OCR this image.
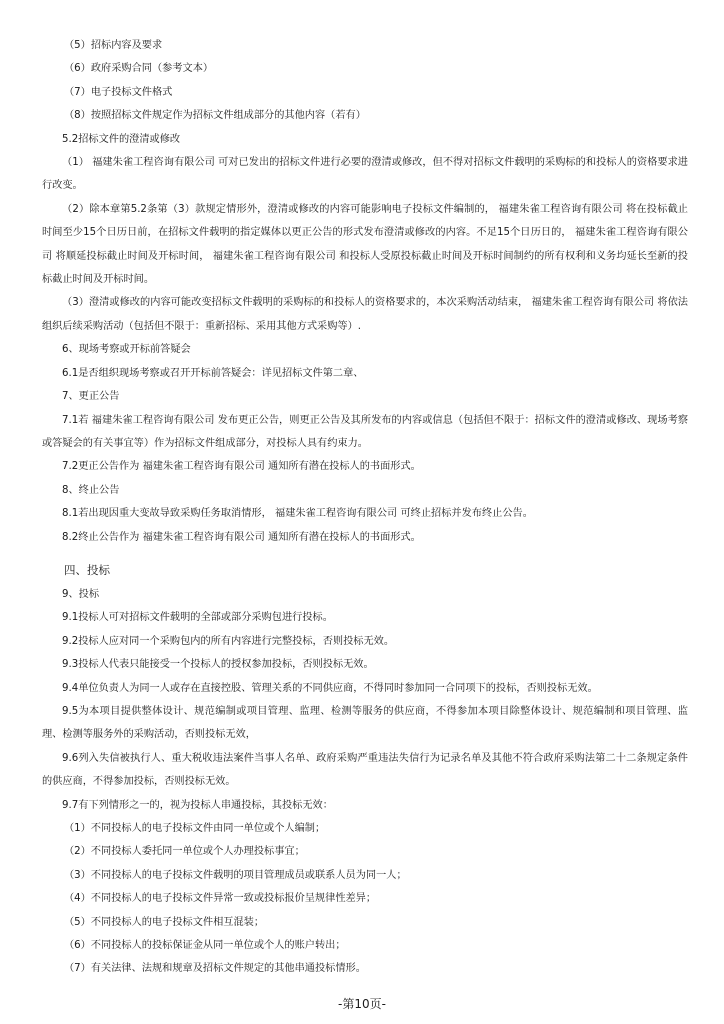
（5）招标内容及要求
（6）政府采购合同（参考文本）
（7）电子投标文件格式
（8）按照招标文件规定作为招标文件组成部分的其他内容（若有）
5.2招标文件的澄清或修改
（1） 福建朱雀工程咨询有限公司 可对已发出的招标文件进行必要的澄清或修改，但不得对招标文件载明的采购标的和投标人的资格要求进行改变。
（2）除本章第5.2条第（3）款规定情形外，澄清或修改的内容可能影响电子投标文件编制的， 福建朱雀工程咨询有限公司 将在投标截止时间至少15个日历日前，在招标文件载明的指定媒体以更正公告的形式发布澄清或修改的内容。不足15个日历日的， 福建朱雀工程咨询有限公司 将顺延投标截止时间及开标时间， 福建朱雀工程咨询有限公司 和投标人受原投标截止时间及开标时间制约的所有权利和义务均延长至新的投标截止时间及开标时间。
（3）澄清或修改的内容可能改变招标文件载明的采购标的和投标人的资格要求的，本次采购活动结束， 福建朱雀工程咨询有限公司 将依法组织后续采购活动（包括但不限于：重新招标、采用其他方式采购等）.
6、现场考察或开标前答疑会
6.1是否组织现场考察或召开开标前答疑会：详见招标文件第二章、
7、更正公告
7.1若 福建朱雀工程咨询有限公司 发布更正公告，则更正公告及其所发布的内容或信息（包括但不限于：招标文件的澄清或修改、现场考察或答疑会的有关事宜等）作为招标文件组成部分，对投标人具有约束力。
7.2更正公告作为 福建朱雀工程咨询有限公司 通知所有潜在投标人的书面形式。
8、终止公告
8.1若出现因重大变故导致采购任务取消情形， 福建朱雀工程咨询有限公司 可终止招标并发布终止公告。
8.2终止公告作为 福建朱雀工程咨询有限公司 通知所有潜在投标人的书面形式。
四、投标
9、投标
9.1投标人可对招标文件载明的全部或部分采购包进行投标。
9.2投标人应对同一个采购包内的所有内容进行完整投标，否则投标无效。
9.3投标人代表只能接受一个投标人的授权参加投标，否则投标无效。
9.4单位负责人为同一人或存在直接控股、管理关系的不同供应商，不得同时参加同一合同项下的投标，否则投标无效。
9.5为本项目提供整体设计、规范编制或项目管理、监理、检测等服务的供应商，不得参加本项目除整体设计、规范编制和项目管理、监理、检测等服务外的采购活动，否则投标无效，
9.6列入失信被执行人、重大税收违法案件当事人名单、政府采购严重违法失信行为记录名单及其他不符合政府采购法第二十二条规定条件的供应商，不得参加投标，否则投标无效。
9.7有下列情形之一的，视为投标人串通投标，其投标无效：
（1）不同投标人的电子投标文件由同一单位或个人编制；
（2）不同投标人委托同一单位或个人办理投标事宜；
（3）不同投标人的电子投标文件载明的项目管理成员或联系人员为同一人；
（4）不同投标人的电子投标文件异常一致或投标报价呈规律性差异；
（5）不同投标人的电子投标文件相互混装；
（6）不同投标人的投标保证金从同一单位或个人的账户转出；
（7）有关法律、法规和规章及招标文件规定的其他串通投标情形。
-第10页-
